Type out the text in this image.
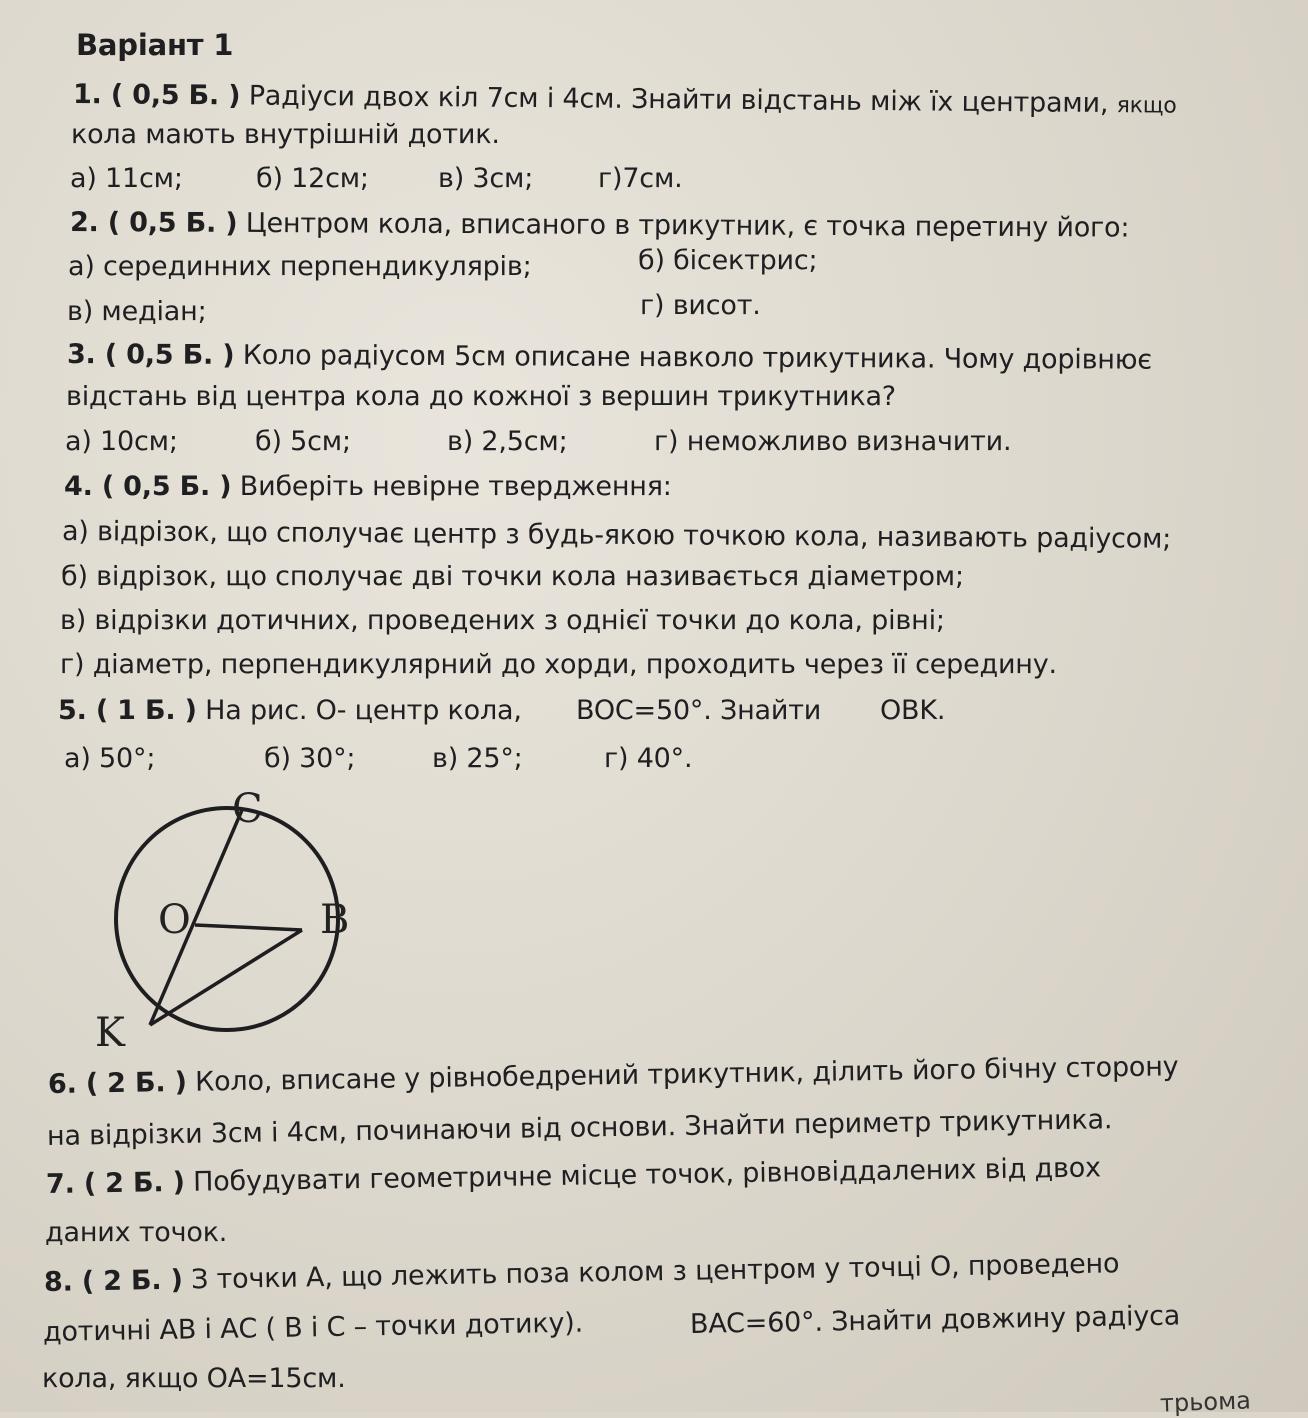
Варіант 1
1. ( 0,5 Б. ) Радіуси двох кіл 7см і 4см. Знайти відстань між їх центрами, якщо
кола мають внутрішній дотик.
а) 11см;	б) 12см;	в) 3см; г)7см.
2. ( 0,5 Б. ) Центром кола, вписаного в трикутник, є точка перетину його:
а) серединних перпендикулярів;	б) бісектрис;
в) медіан;	г) висот.
3. ( 0,5 Б. ) Коло радіусом 5см описане навколо трикутника. Чому дорівнює
відстань від центра кола до кожної з вершин трикутника?
а) 10см;	б) 5см;	в) 2,5см;	г) неможливо визначити.
4. ( 0,5 Б. ) Виберіть невірне твердження:
а) відрізок, що сполучає центр з будь-якою точкою кола, називають радіусом;
б) відрізок, що сполучає дві точки кола називається діаметром;
в) відрізки дотичних, проведених з однієї точки до кола, рівні;
г) діаметр, перпендикулярний до хорди, проходить через її середину.
5. ( 1 Б. ) На рис. О- центр кола, BOC=50°. Знайти OBK.
а) 50°;	б) 30°;	в) 25°;	г) 40°.
C
O	B
K
6. ( 2 Б. ) Коло, вписане у рівнобедрений трикутник, ділить його бічну сторону
на відрізки 3см і 4см, починаючи від основи. Знайти периметр трикутника.
7. ( 2 Б. ) Побудувати геометричне місце точок, рівновіддалених від двох
даних точок.
8. ( 2 Б. ) З точки А, що лежить поза колом з центром у точці О, проведено
дотичні АВ і АС ( В і С – точки дотику).	BAC=60°. Знайти довжину радіуса
кола, якщо ОА=15см.
трьома
